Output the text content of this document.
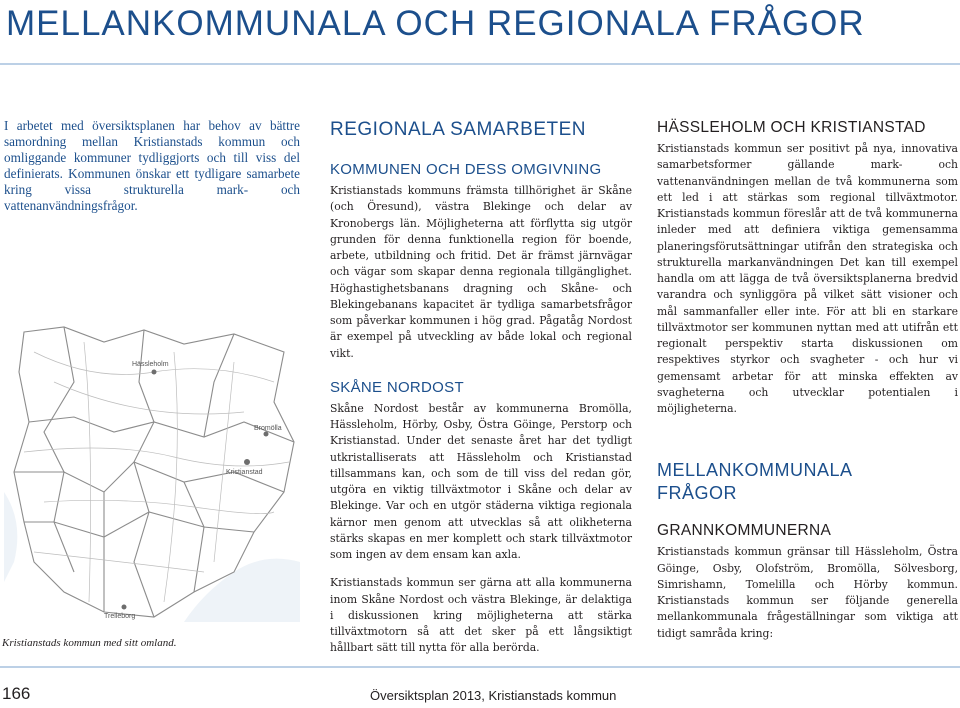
MELLANKOMMUNALA OCH REGIONALA FRÅGOR

I arbetet med översiktsplanen har behov av bättre samordning mellan Kristianstads kommun och omliggande kommuner tydliggjorts och till viss del definierats. Kommunen önskar ett tydligare samarbete kring vissa strukturella mark- och vattenanvändningsfrågor.

Bromölla
Kristianstad
Hässleholm
Trelleborg

Kristianstads kommun med sitt omland.

REGIONALA SAMARBETEN
KOMMUNEN OCH DESS OMGIVNING

Kristianstads kommuns främsta tillhörighet är Skåne (och Öresund), västra Blekinge och delar av Kronobergs län. Möjligheterna att förflytta sig utgör grunden för denna funktionella region för boende, arbete, utbildning och fritid. Det är främst järnvägar och vägar som skapar denna regionala tillgänglighet. Höghastighetsbanans dragning och Skåne- och Blekingebanans kapacitet är tydliga samarbetsfrågor som påverkar kommunen i hög grad. Pågatåg Nordost är exempel på utveckling av både lokal och regional vikt.

SKÅNE NORDOST

Skåne Nordost består av kommunerna Bromölla, Hässleholm, Hörby, Osby, Östra Göinge, Perstorp och Kristianstad. Under det senaste året har det tydligt utkristalliserats att Hässleholm och Kristianstad tillsammans kan, och som de till viss del redan gör, utgöra en viktig tillväxtmotor i Skåne och delar av Blekinge. Var och en utgör städerna viktiga regionala kärnor men genom att utvecklas så att olikheterna stärks skapas en mer komplett och stark tillväxtmotor som ingen av dem ensam kan axla.

Kristianstads kommun ser gärna att alla kommunerna inom Skåne Nordost och västra Blekinge, är delaktiga i diskussionen kring möjligheterna att stärka tillväxtmotorn så att det sker på ett långsiktigt hållbart sätt till nytta för alla berörda.

HÄSSLEHOLM OCH KRISTIANSTAD

Kristianstads kommun ser positivt på nya, innovativa samarbetsformer gällande mark- och vattenanvändningen mellan de två kommunerna som ett led i att stärkas som regional tillväxtmotor. Kristianstads kommun föreslår att de två kommunerna inleder med att definiera viktiga gemensamma planeringsförutsättningar utifrån den strategiska och strukturella markanvändningen Det kan till exempel handla om att lägga de två översiktsplanerna bredvid varandra och synliggöra på vilket sätt visioner och mål sammanfaller eller inte. För att bli en starkare tillväxtmotor ser kommunen nyttan med att utifrån ett regionalt perspektiv starta diskussionen om respektives styrkor och svagheter - och hur vi gemensamt arbetar för att minska effekten av svagheterna och utvecklar potentialen i möjligheterna.

MELLANKOMMUNALA FRÅGOR
GRANNKOMMUNERNA

Kristianstads kommun gränsar till Hässleholm, Östra Göinge, Osby, Olofström, Bromölla, Sölvesborg, Simrishamn, Tomelilla och Hörby kommun. Kristianstads kommun ser följande generella mellankommunala frågeställningar som viktiga att tidigt samråda kring:

166	Översiktsplan 2013, Kristianstads kommun
